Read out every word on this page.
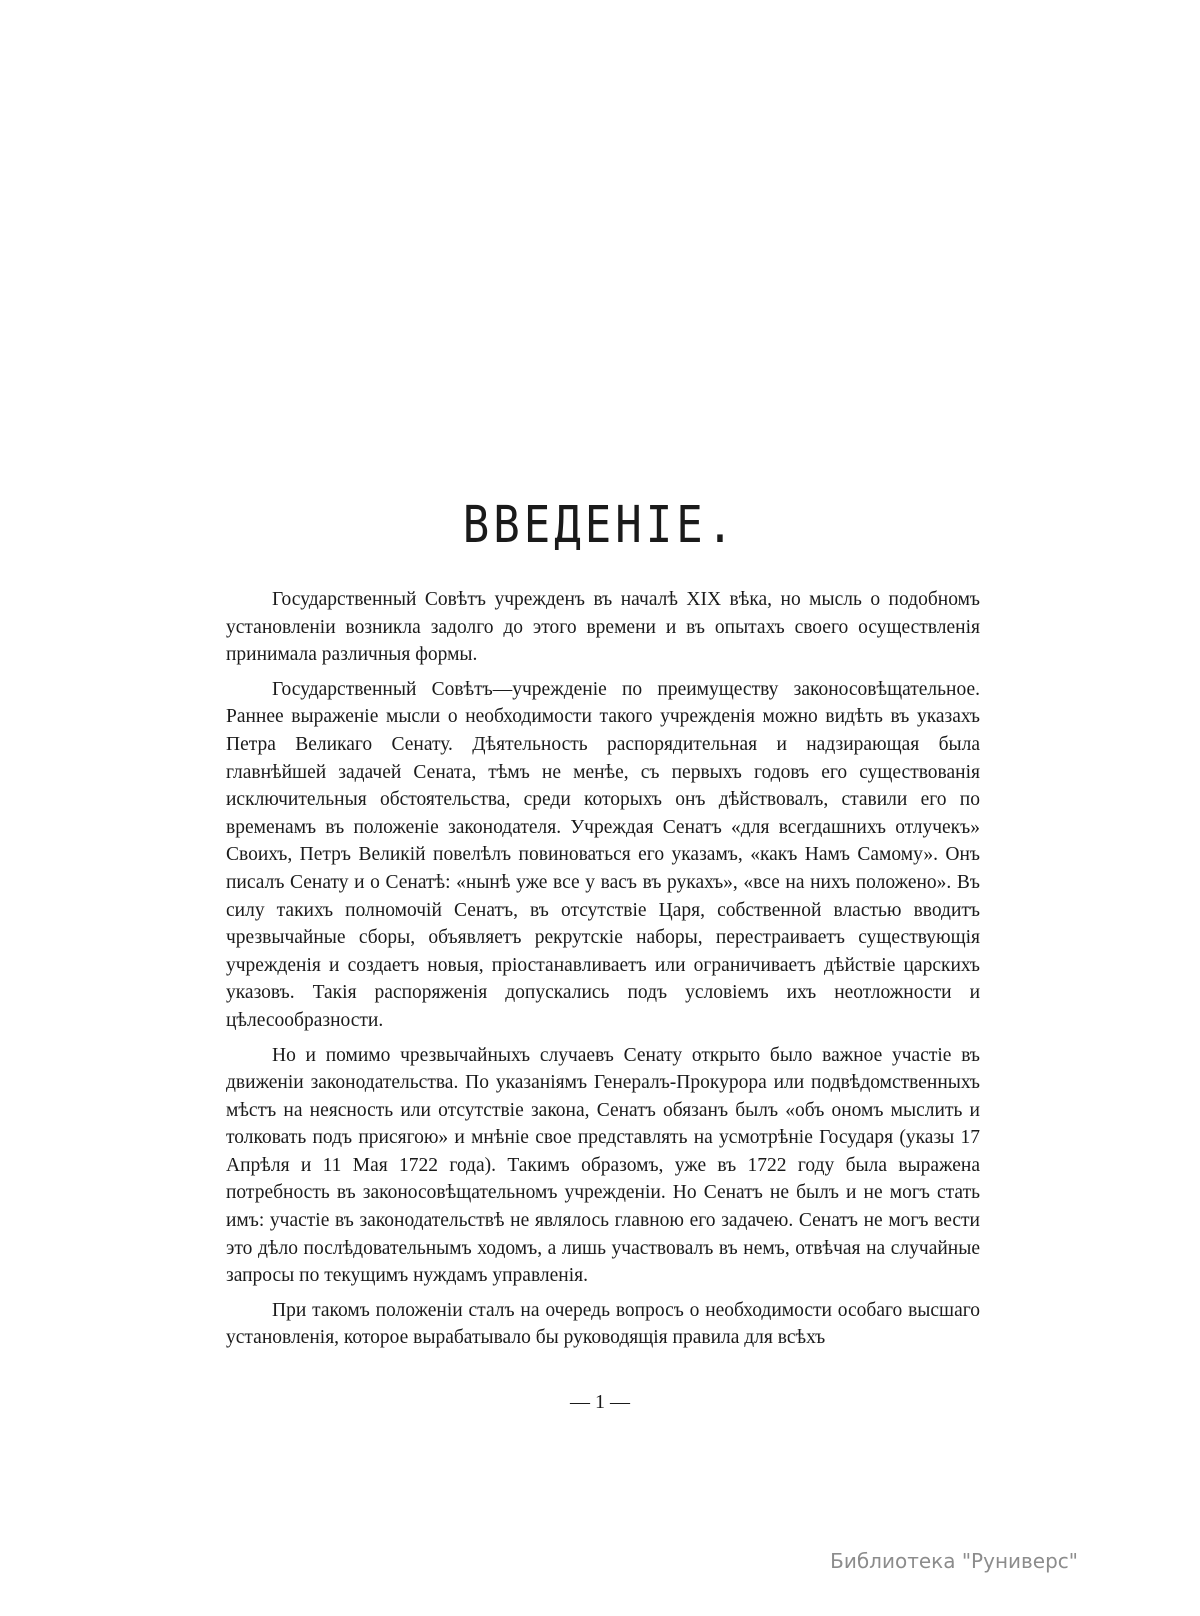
ВВЕДЕНІЕ.

Государственный Совѣтъ учрежденъ въ началѣ XIX вѣка, но мысль о подобномъ установленіи возникла задолго до этого времени и въ опытахъ своего осуществленія принимала различныя формы.

Государственный Совѣтъ—учрежденіе по преимуществу законосовѣщательное. Раннее выраженіе мысли о необходимости такого учрежденія можно видѣть въ указахъ Петра Великаго Сенату. Дѣятельность распорядительная и надзирающая была главнѣйшей задачей Сената, тѣмъ не менѣе, съ первыхъ годовъ его существованія исключительныя обстоятельства, среди которыхъ онъ дѣйствовалъ, ставили его по временамъ въ положеніе законодателя. Учреждая Сенатъ «для всегдашнихъ отлучекъ» Своихъ, Петръ Великій повелѣлъ повиноваться его указамъ, «какъ Намъ Самому». Онъ писалъ Сенату и о Сенатѣ: «нынѣ уже все у васъ въ рукахъ», «все на нихъ положено». Въ силу такихъ полномочій Сенатъ, въ отсутствіе Царя, собственной властью вводитъ чрезвычайные сборы, объявляетъ рекрутскіе наборы, перестраиваетъ существующія учрежденія и создаетъ новыя, пріостанавливаетъ или ограничиваетъ дѣйствіе царскихъ указовъ. Такія распоряженія допускались подъ условіемъ ихъ неотложности и цѣлесообразности.

Но и помимо чрезвычайныхъ случаевъ Сенату открыто было важное участіе въ движеніи законодательства. По указаніямъ Генералъ-Прокурора или подвѣдомственныхъ мѣстъ на неясность или отсутствіе закона, Сенатъ обязанъ былъ «объ ономъ мыслить и толковать подъ присягою» и мнѣніе свое представлять на усмотрѣніе Государя (указы 17 Апрѣля и 11 Мая 1722 года). Такимъ образомъ, уже въ 1722 году была выражена потребность въ законосовѣщательномъ учрежденіи. Но Сенатъ не былъ и не могъ стать имъ: участіе въ законодательствѣ не являлось главною его задачею. Сенатъ не могъ вести это дѣло послѣдовательнымъ ходомъ, а лишь участвовалъ въ немъ, отвѣчая на случайные запросы по текущимъ нуждамъ управленія.

При такомъ положеніи сталъ на очередь вопросъ о необходимости особаго высшаго установленія, которое вырабатывало бы руководящія правила для всѣхъ

— 1 —
Библиотека "Руниверс"
